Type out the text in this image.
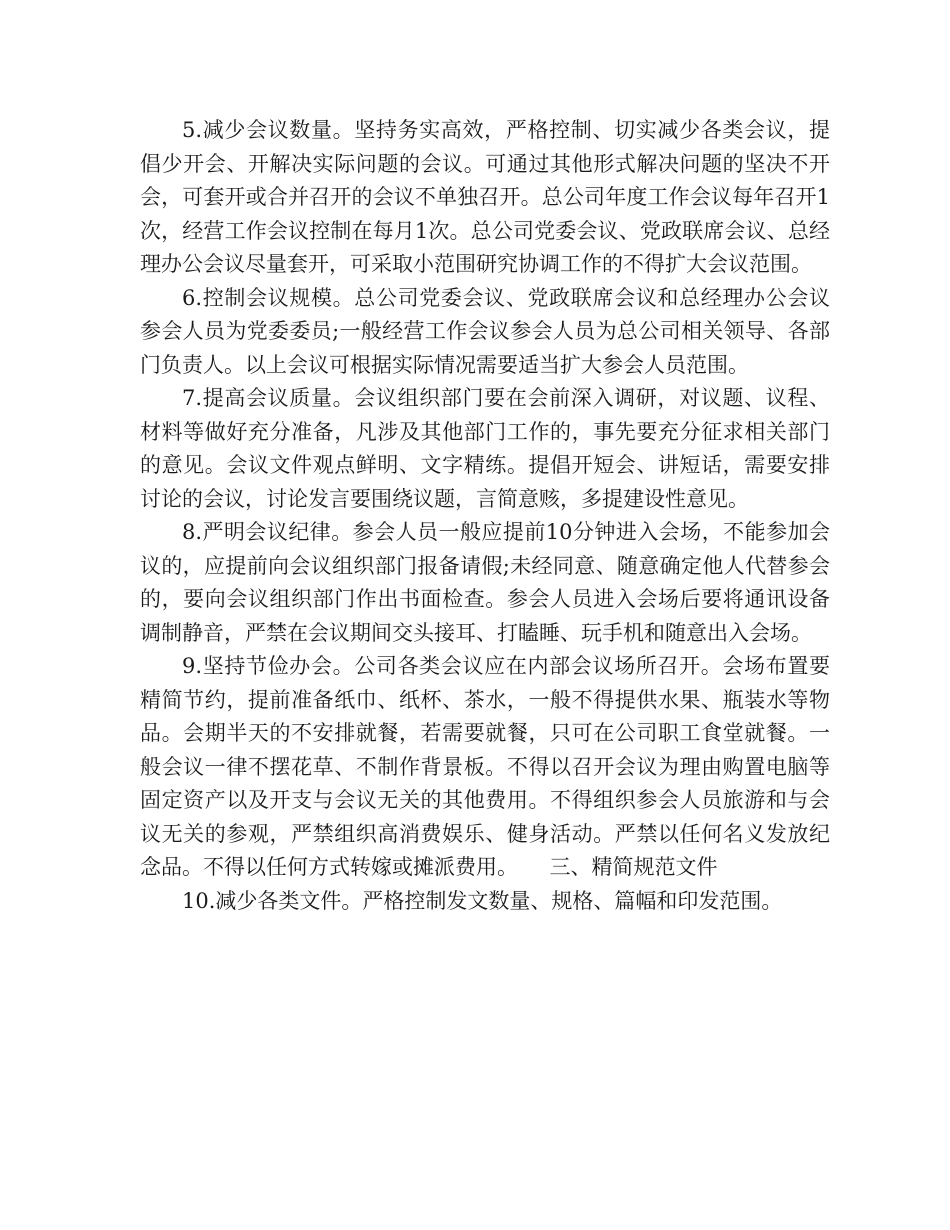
5.减少会议数量。坚持务实高效，严格控制、切实减少各类会议，提倡少开会、开解决实际问题的会议。可通过其他形式解决问题的坚决不开会，可套开或合并召开的会议不单独召开。总公司年度工作会议每年召开1次，经营工作会议控制在每月1次。总公司党委会议、党政联席会议、总经理办公会议尽量套开，可采取小范围研究协调工作的不得扩大会议范围。

6.控制会议规模。总公司党委会议、党政联席会议和总经理办公会议参会人员为党委委员;一般经营工作会议参会人员为总公司相关领导、各部门负责人。以上会议可根据实际情况需要适当扩大参会人员范围。

7.提高会议质量。会议组织部门要在会前深入调研，对议题、议程、材料等做好充分准备，凡涉及其他部门工作的，事先要充分征求相关部门的意见。会议文件观点鲜明、文字精练。提倡开短会、讲短话，需要安排讨论的会议，讨论发言要围绕议题，言简意赅，多提建设性意见。

8.严明会议纪律。参会人员一般应提前10分钟进入会场，不能参加会议的，应提前向会议组织部门报备请假;未经同意、随意确定他人代替参会的，要向会议组织部门作出书面检查。参会人员进入会场后要将通讯设备调制静音，严禁在会议期间交头接耳、打瞌睡、玩手机和随意出入会场。

9.坚持节俭办会。公司各类会议应在内部会议场所召开。会场布置要精简节约，提前准备纸巾、纸杯、茶水，一般不得提供水果、瓶装水等物品。会期半天的不安排就餐，若需要就餐，只可在公司职工食堂就餐。一般会议一律不摆花草、不制作背景板。不得以召开会议为理由购置电脑等固定资产以及开支与会议无关的其他费用。不得组织参会人员旅游和与会议无关的参观，严禁组织高消费娱乐、健身活动。严禁以任何名义发放纪念品。不得以任何方式转嫁或摊派费用。　　三、精简规范文件

10.减少各类文件。严格控制发文数量、规格、篇幅和印发范围。
